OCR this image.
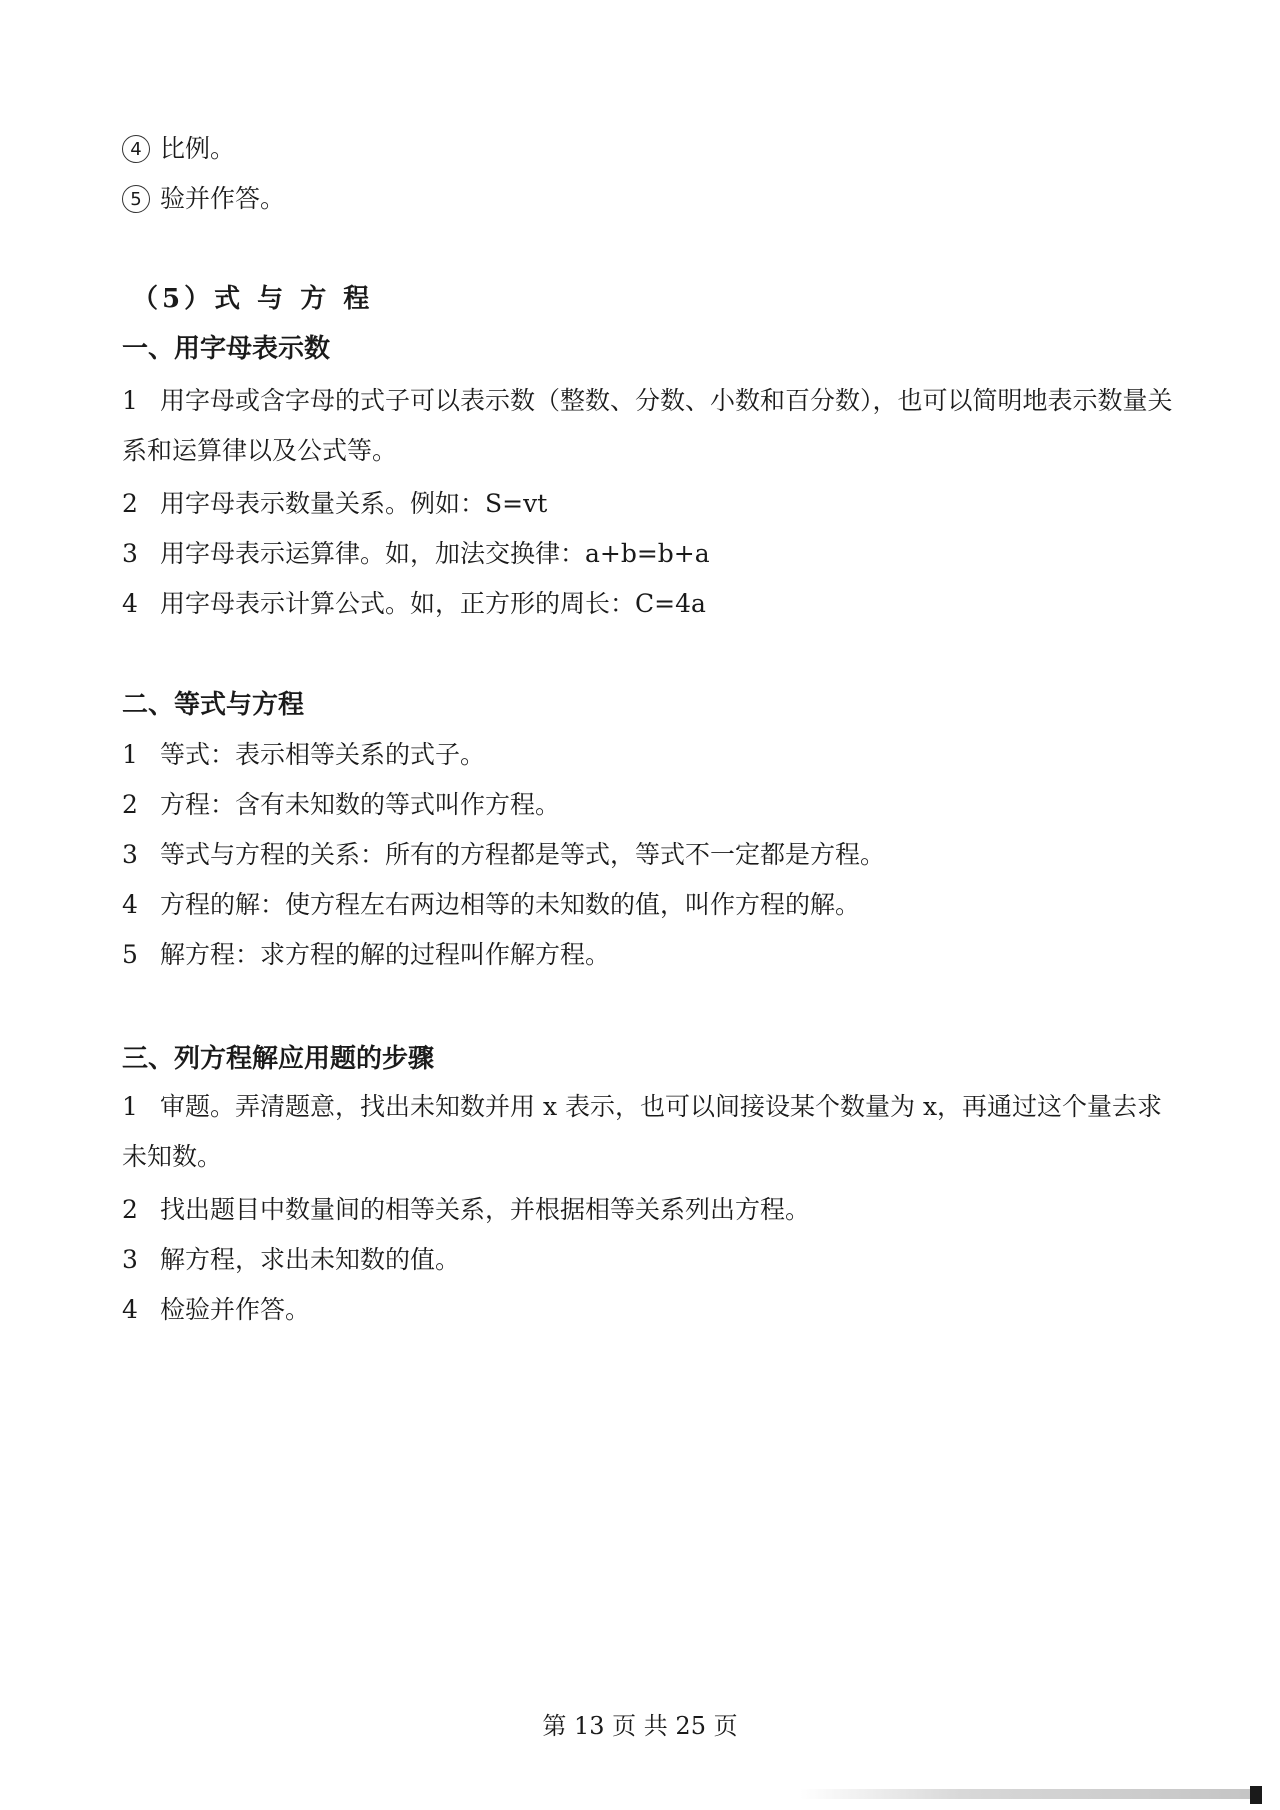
4 比例。
5 验并作答。
（5）式 与 方 程
一、用字母表示数
1 用字母或含字母的式子可以表示数（整数、分数、小数和百分数），也可以简明地表示数量关系和运算律以及公式等。
2 用字母表示数量关系。例如：S=vt
3 用字母表示运算律。如，加法交换律：a+b=b+a
4 用字母表示计算公式。如，正方形的周长：C=4a
二、等式与方程
1 等式：表示相等关系的式子。
2 方程：含有未知数的等式叫作方程。
3 等式与方程的关系：所有的方程都是等式，等式不一定都是方程。
4 方程的解：使方程左右两边相等的未知数的值，叫作方程的解。
5 解方程：求方程的解的过程叫作解方程。
三、列方程解应用题的步骤
1 审题。弄清题意，找出未知数并用 x 表示，也可以间接设某个数量为 x，再通过这个量去求未知数。
2 找出题目中数量间的相等关系，并根据相等关系列出方程。
3 解方程，求出未知数的值。
4 检验并作答。
第 13 页 共 25 页
